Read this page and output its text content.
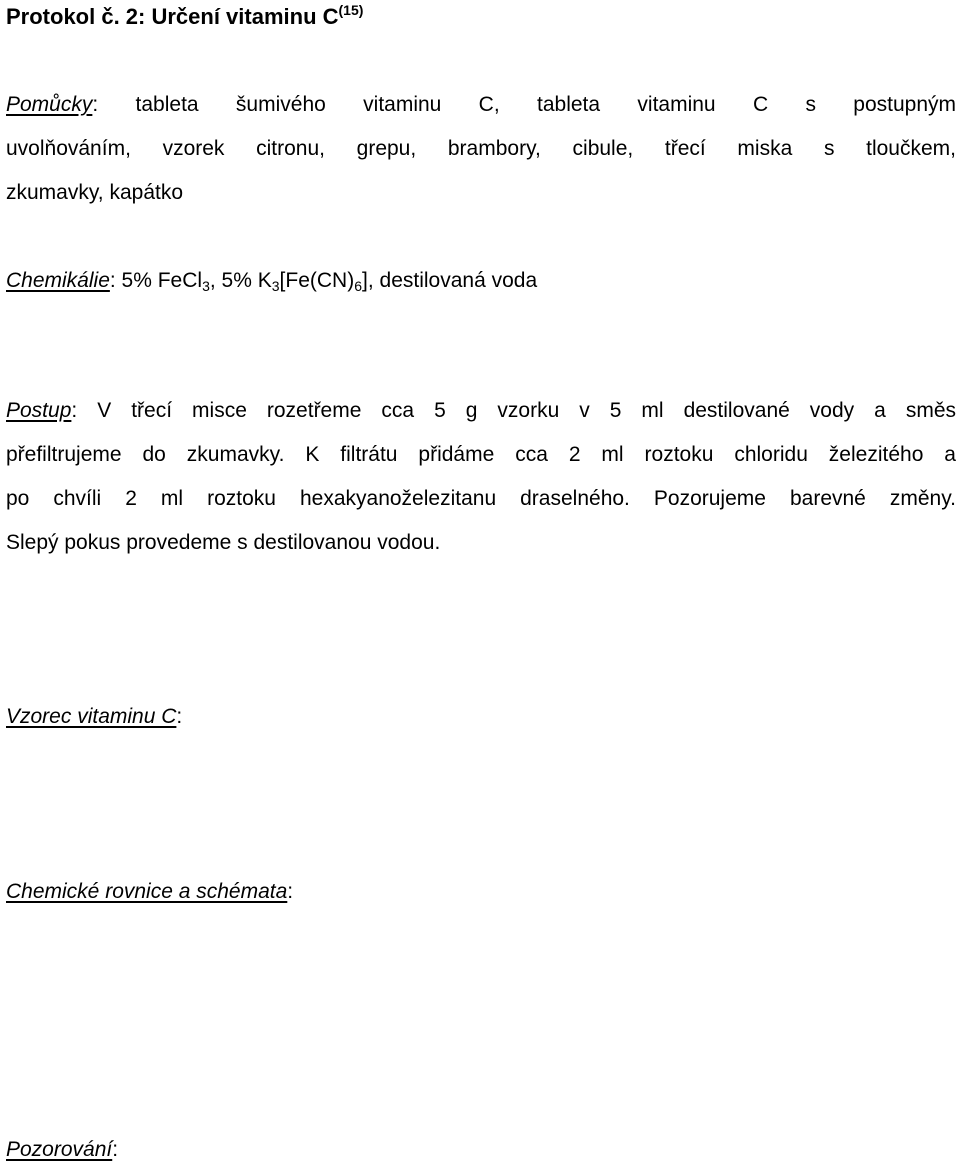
Protokol č. 2: Určení vitaminu $C^{(15)}$
Pomůcky: tableta šumivého vitaminu C, tableta vitaminu C s postupným
uvolňováním, vzorek citronu, grepu, brambory, cibule, třecí miska s tloučkem,
zkumavky, kapátko
Chemikálie: 5% FeCl$_3$, 5% $K_3[Fe(CN)_6]$, destilovaná voda
Postup: V třecí misce rozetřeme cca 5 g vzorku v 5 ml destilované vody a směs
přefiltrujeme do zkumavky. K filtrátu přidáme cca 2 ml roztoku chloridu železitého a
po chvíli 2 ml roztoku hexakyanoželezitanu draselného. Pozorujeme barevné změny.
Slepý pokus provedeme s destilovanou vodou.
Vzorec vitaminu C:
Chemické rovnice a schémata:
Pozorování:
